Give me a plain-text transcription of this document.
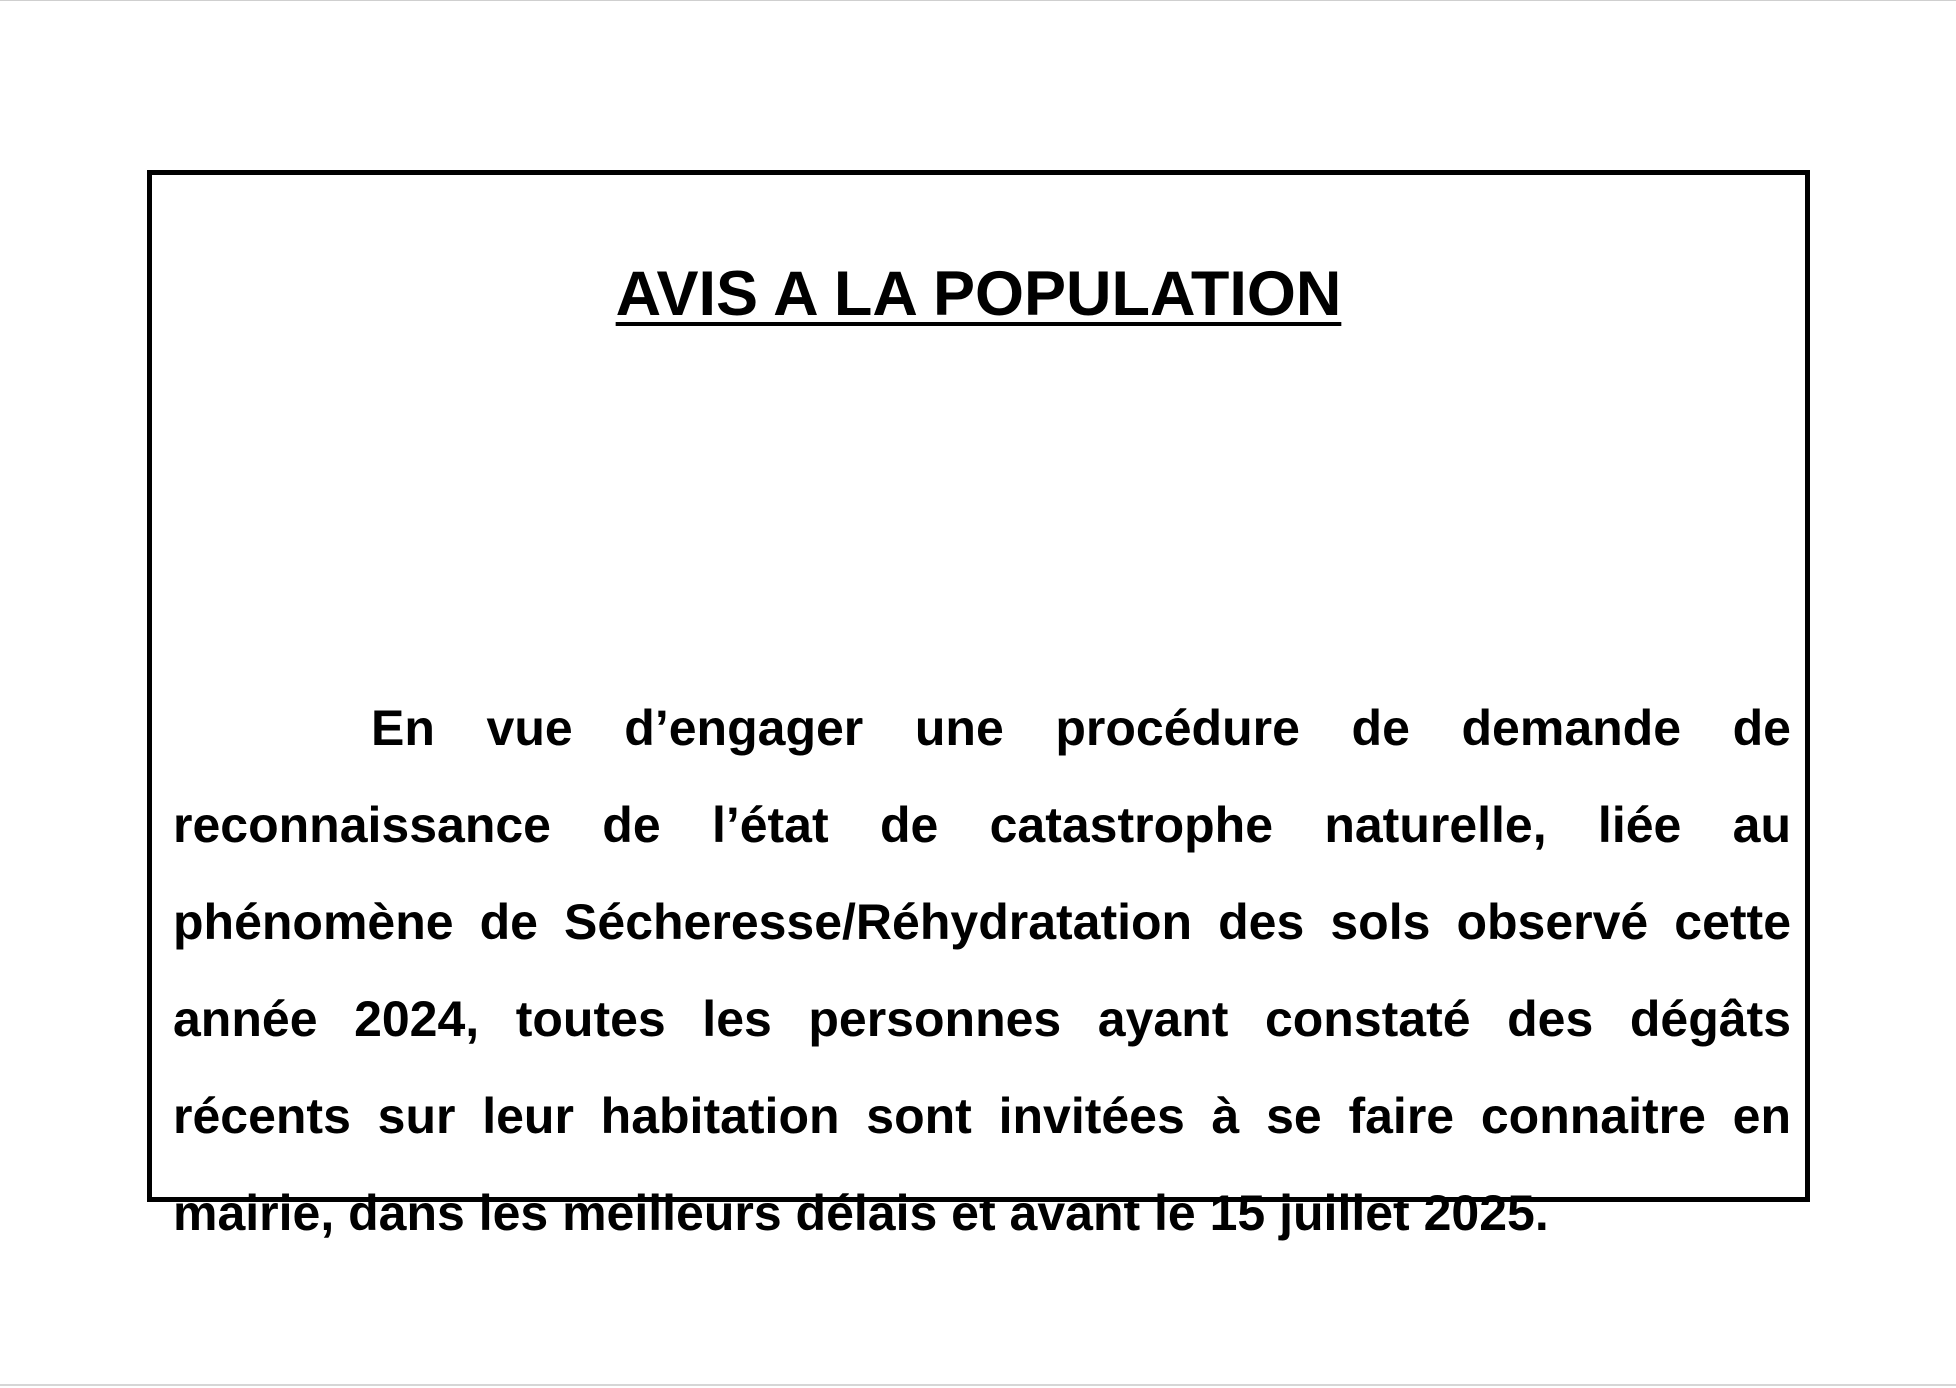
AVIS A LA POPULATION

En vue d’engager une procédure de demande de reconnaissance de l’état de catastrophe naturelle, liée au phénomène de Sécheresse/Réhydratation des sols observé cette année 2024, toutes les personnes ayant constaté des dégâts récents sur leur habitation sont invitées à se faire connaitre en mairie, dans les meilleurs délais et avant le 15 juillet 2025.
